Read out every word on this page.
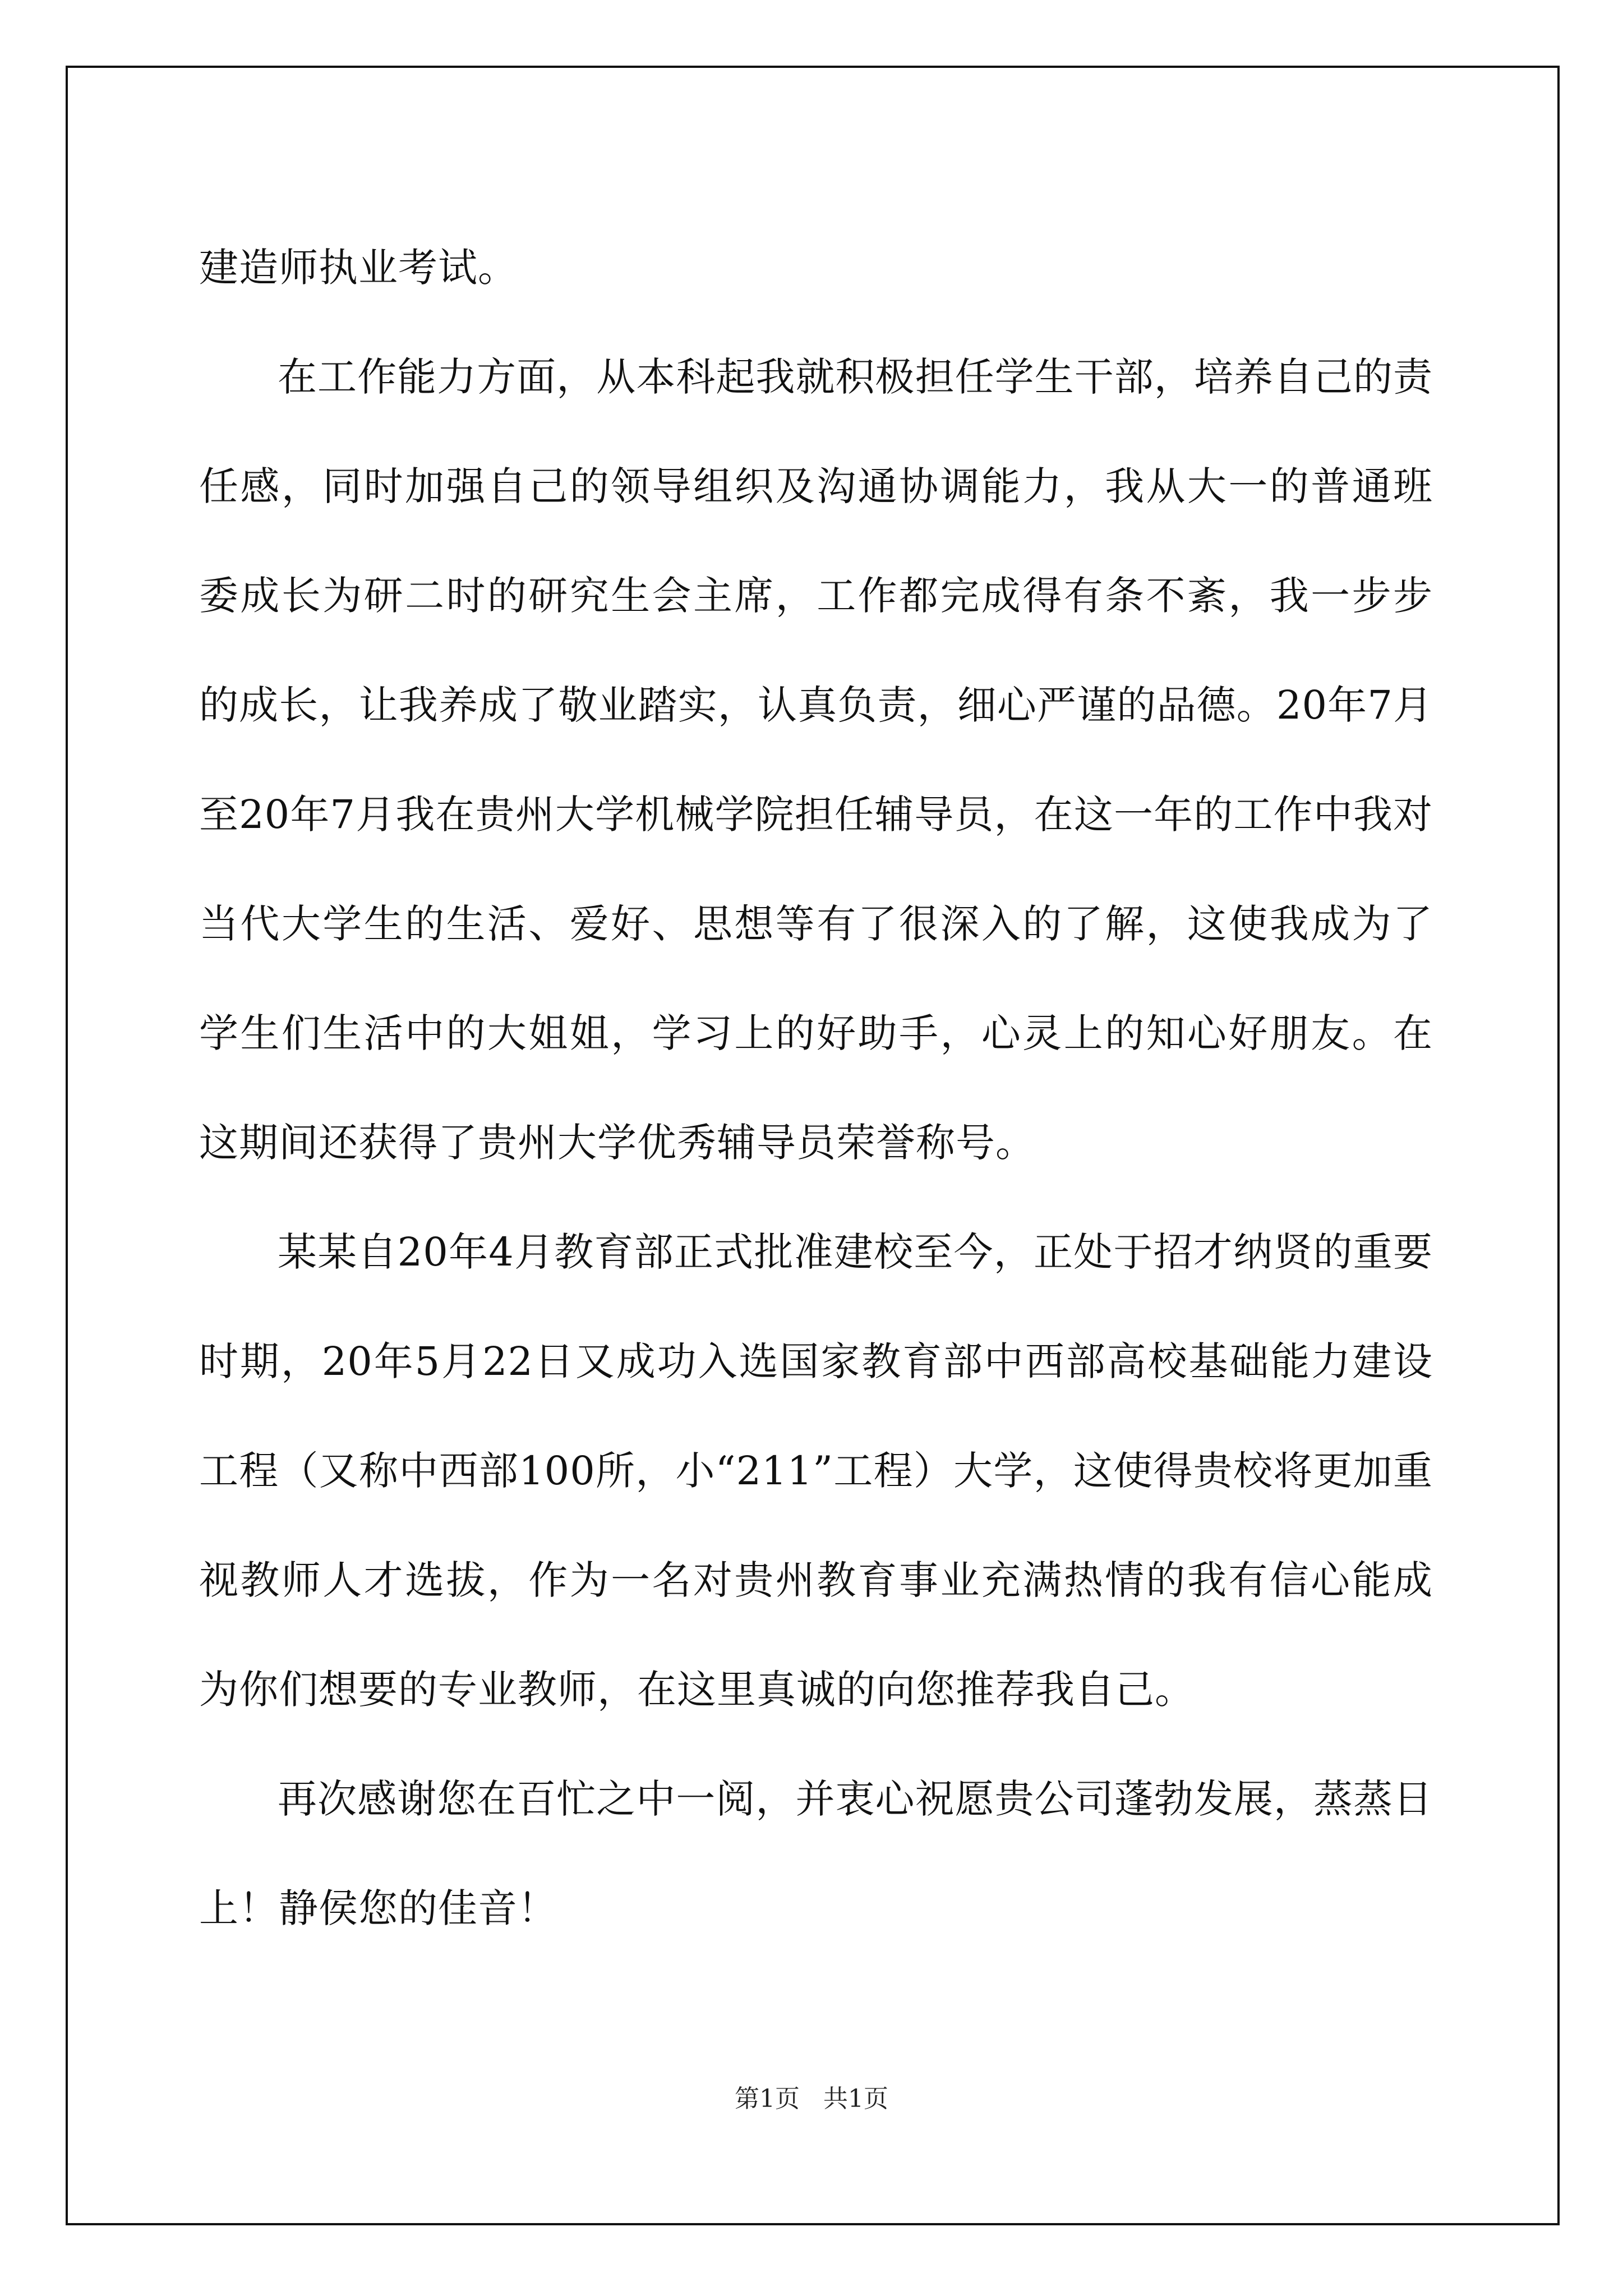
建造师执业考试。

在工作能力方面，从本科起我就积极担任学生干部，培养自己的责任感，同时加强自己的领导组织及沟通协调能力，我从大一的普通班委成长为研二时的研究生会主席，工作都完成得有条不紊，我一步步的成长，让我养成了敬业踏实，认真负责，细心严谨的品德。20年7月至20年7月我在贵州大学机械学院担任辅导员，在这一年的工作中我对当代大学生的生活、爱好、思想等有了很深入的了解，这使我成为了学生们生活中的大姐姐，学习上的好助手，心灵上的知心好朋友。在这期间还获得了贵州大学优秀辅导员荣誉称号。

某某自20年4月教育部正式批准建校至今，正处于招才纳贤的重要时期，20年5月22日又成功入选国家教育部中西部高校基础能力建设工程（又称中西部100所，小“211”工程）大学，这使得贵校将更加重视教师人才选拔，作为一名对贵州教育事业充满热情的我有信心能成为你们想要的专业教师，在这里真诚的向您推荐我自己。

再次感谢您在百忙之中一阅，并衷心祝愿贵公司蓬勃发展，蒸蒸日上！静侯您的佳音！

第1页   共1页
